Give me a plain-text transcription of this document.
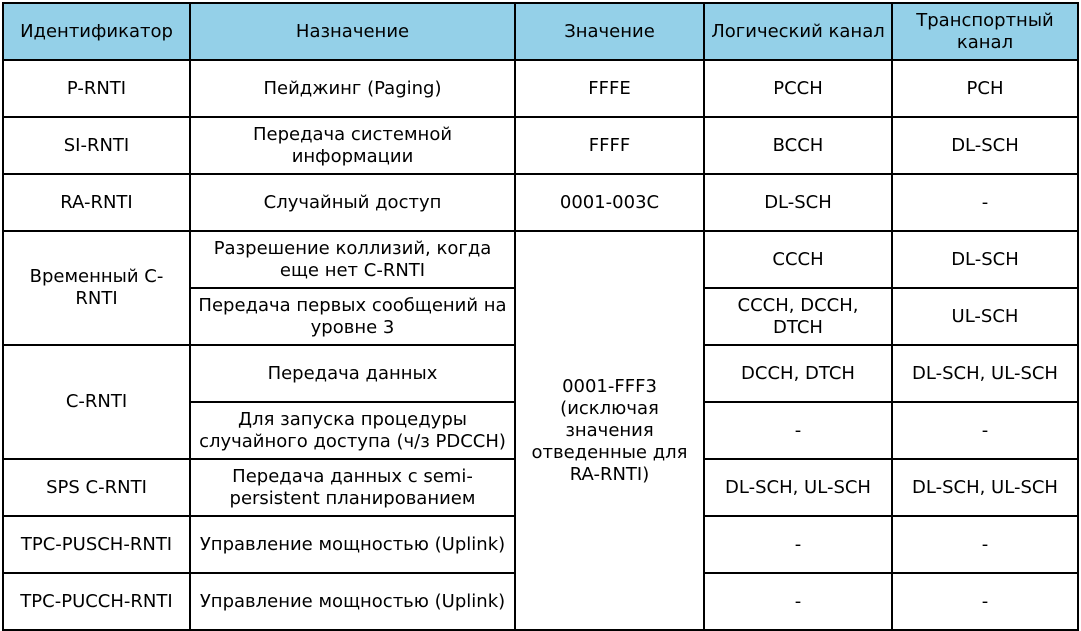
Идентификатор	Назначение	Значение	Логический канал	Транспортный канал
P-RNTI	Пейджинг (Paging)	FFFE	PCCH	PCH
SI-RNTI	Передача системной информации	FFFF	BCCH	DL-SCH
RA-RNTI	Случайный доступ	0001-003C	DL-SCH	-
Временный C-RNTI	Разрешение коллизий, когда еще нет C-RNTI	0001-FFF3 (исключая значения отведенные для RA-RNTI)	CCCH	DL-SCH
	Передача первых сообщений на уровне 3		CCCH, DCCH, DTCH	UL-SCH
C-RNTI	Передача данных		DCCH, DTCH	DL-SCH, UL-SCH
	Для запуска процедуры случайного доступа (ч/з PDCCH)		-	-
SPS C-RNTI	Передача данных с semi-persistent планированием		DL-SCH, UL-SCH	DL-SCH, UL-SCH
TPC-PUSCH-RNTI	Управление мощностью (Uplink)		-	-
TPC-PUCCH-RNTI	Управление мощностью (Uplink)		-	-
